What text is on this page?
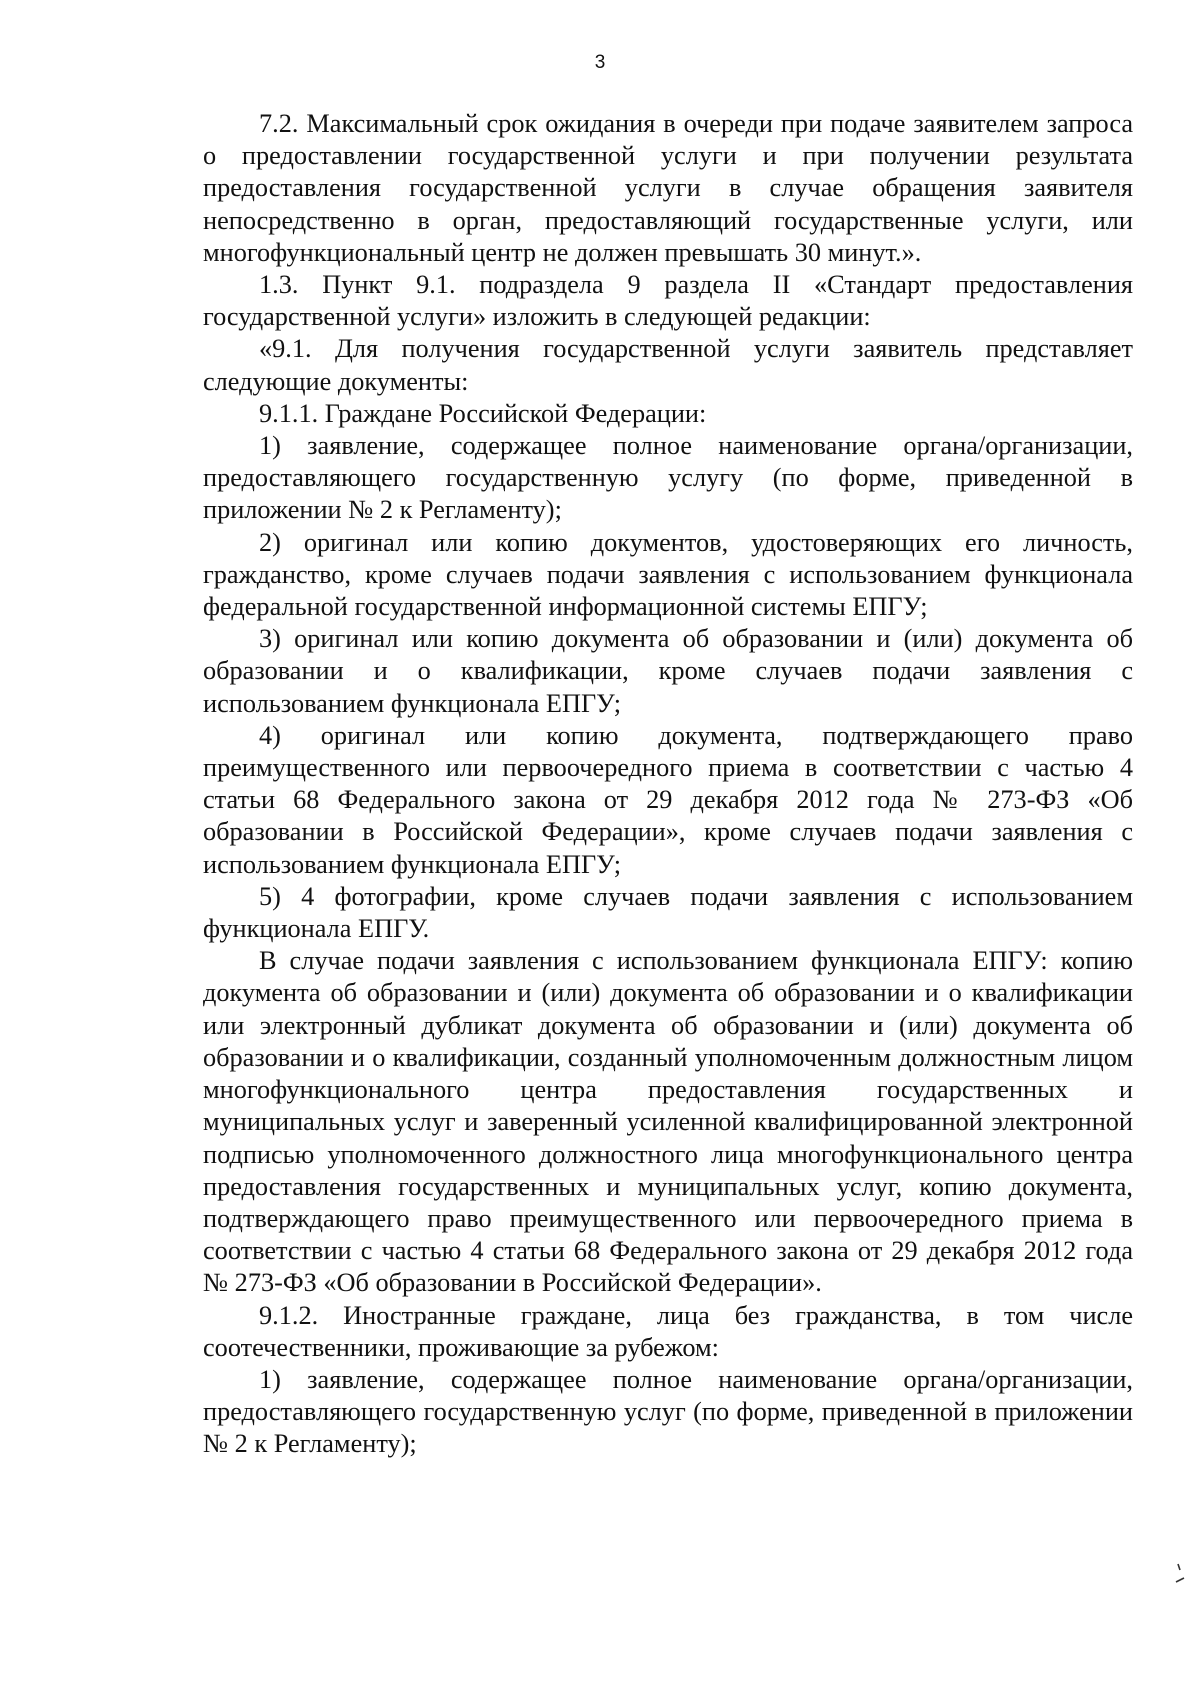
3

7.2. Максимальный срок ожидания в очереди при подаче заявителем запроса о предоставлении государственной услуги и при получении результата предоставления государственной услуги в случае обращения заявителя непосредственно в орган, предоставляющий государственные услуги, или многофункциональный центр не должен превышать 30 минут.».

1.3. Пункт 9.1. подраздела 9 раздела II «Стандарт предоставления государственной услуги» изложить в следующей редакции:

«9.1. Для получения государственной услуги заявитель представляет следующие документы:

9.1.1. Граждане Российской Федерации:

1) заявление, содержащее полное наименование органа/организации, предоставляющего государственную услугу (по форме, приведенной в приложении № 2 к Регламенту);

2) оригинал или копию документов, удостоверяющих его личность, гражданство, кроме случаев подачи заявления с использованием функционала федеральной государственной информационной системы ЕПГУ;

3) оригинал или копию документа об образовании и (или) документа об образовании и о квалификации, кроме случаев подачи заявления с использованием функционала ЕПГУ;

4) оригинал или копию документа, подтверждающего право преимущественного или первоочередного приема в соответствии с частью 4 статьи 68 Федерального закона от 29 декабря 2012 года № 273-ФЗ «Об образовании в Российской Федерации», кроме случаев подачи заявления с использованием функционала ЕПГУ;

5) 4 фотографии, кроме случаев подачи заявления с использованием функционала ЕПГУ.

В случае подачи заявления с использованием функционала ЕПГУ: копию документа об образовании и (или) документа об образовании и о квалификации или электронный дубликат документа об образовании и (или) документа об образовании и о квалификации, созданный уполномоченным должностным лицом многофункционального центра предоставления государственных и муниципальных услуг и заверенный усиленной квалифицированной электронной подписью уполномоченного должностного лица многофункционального центра предоставления государственных и муниципальных услуг, копию документа, подтверждающего право преимущественного или первоочередного приема в соответствии с частью 4 статьи 68 Федерального закона от 29 декабря 2012 года № 273-ФЗ «Об образовании в Российской Федерации».

9.1.2. Иностранные граждане, лица без гражданства, в том числе соотечественники, проживающие за рубежом:

1) заявление, содержащее полное наименование органа/организации, предоставляющего государственную услуг (по форме, приведенной в приложении № 2 к Регламенту);
